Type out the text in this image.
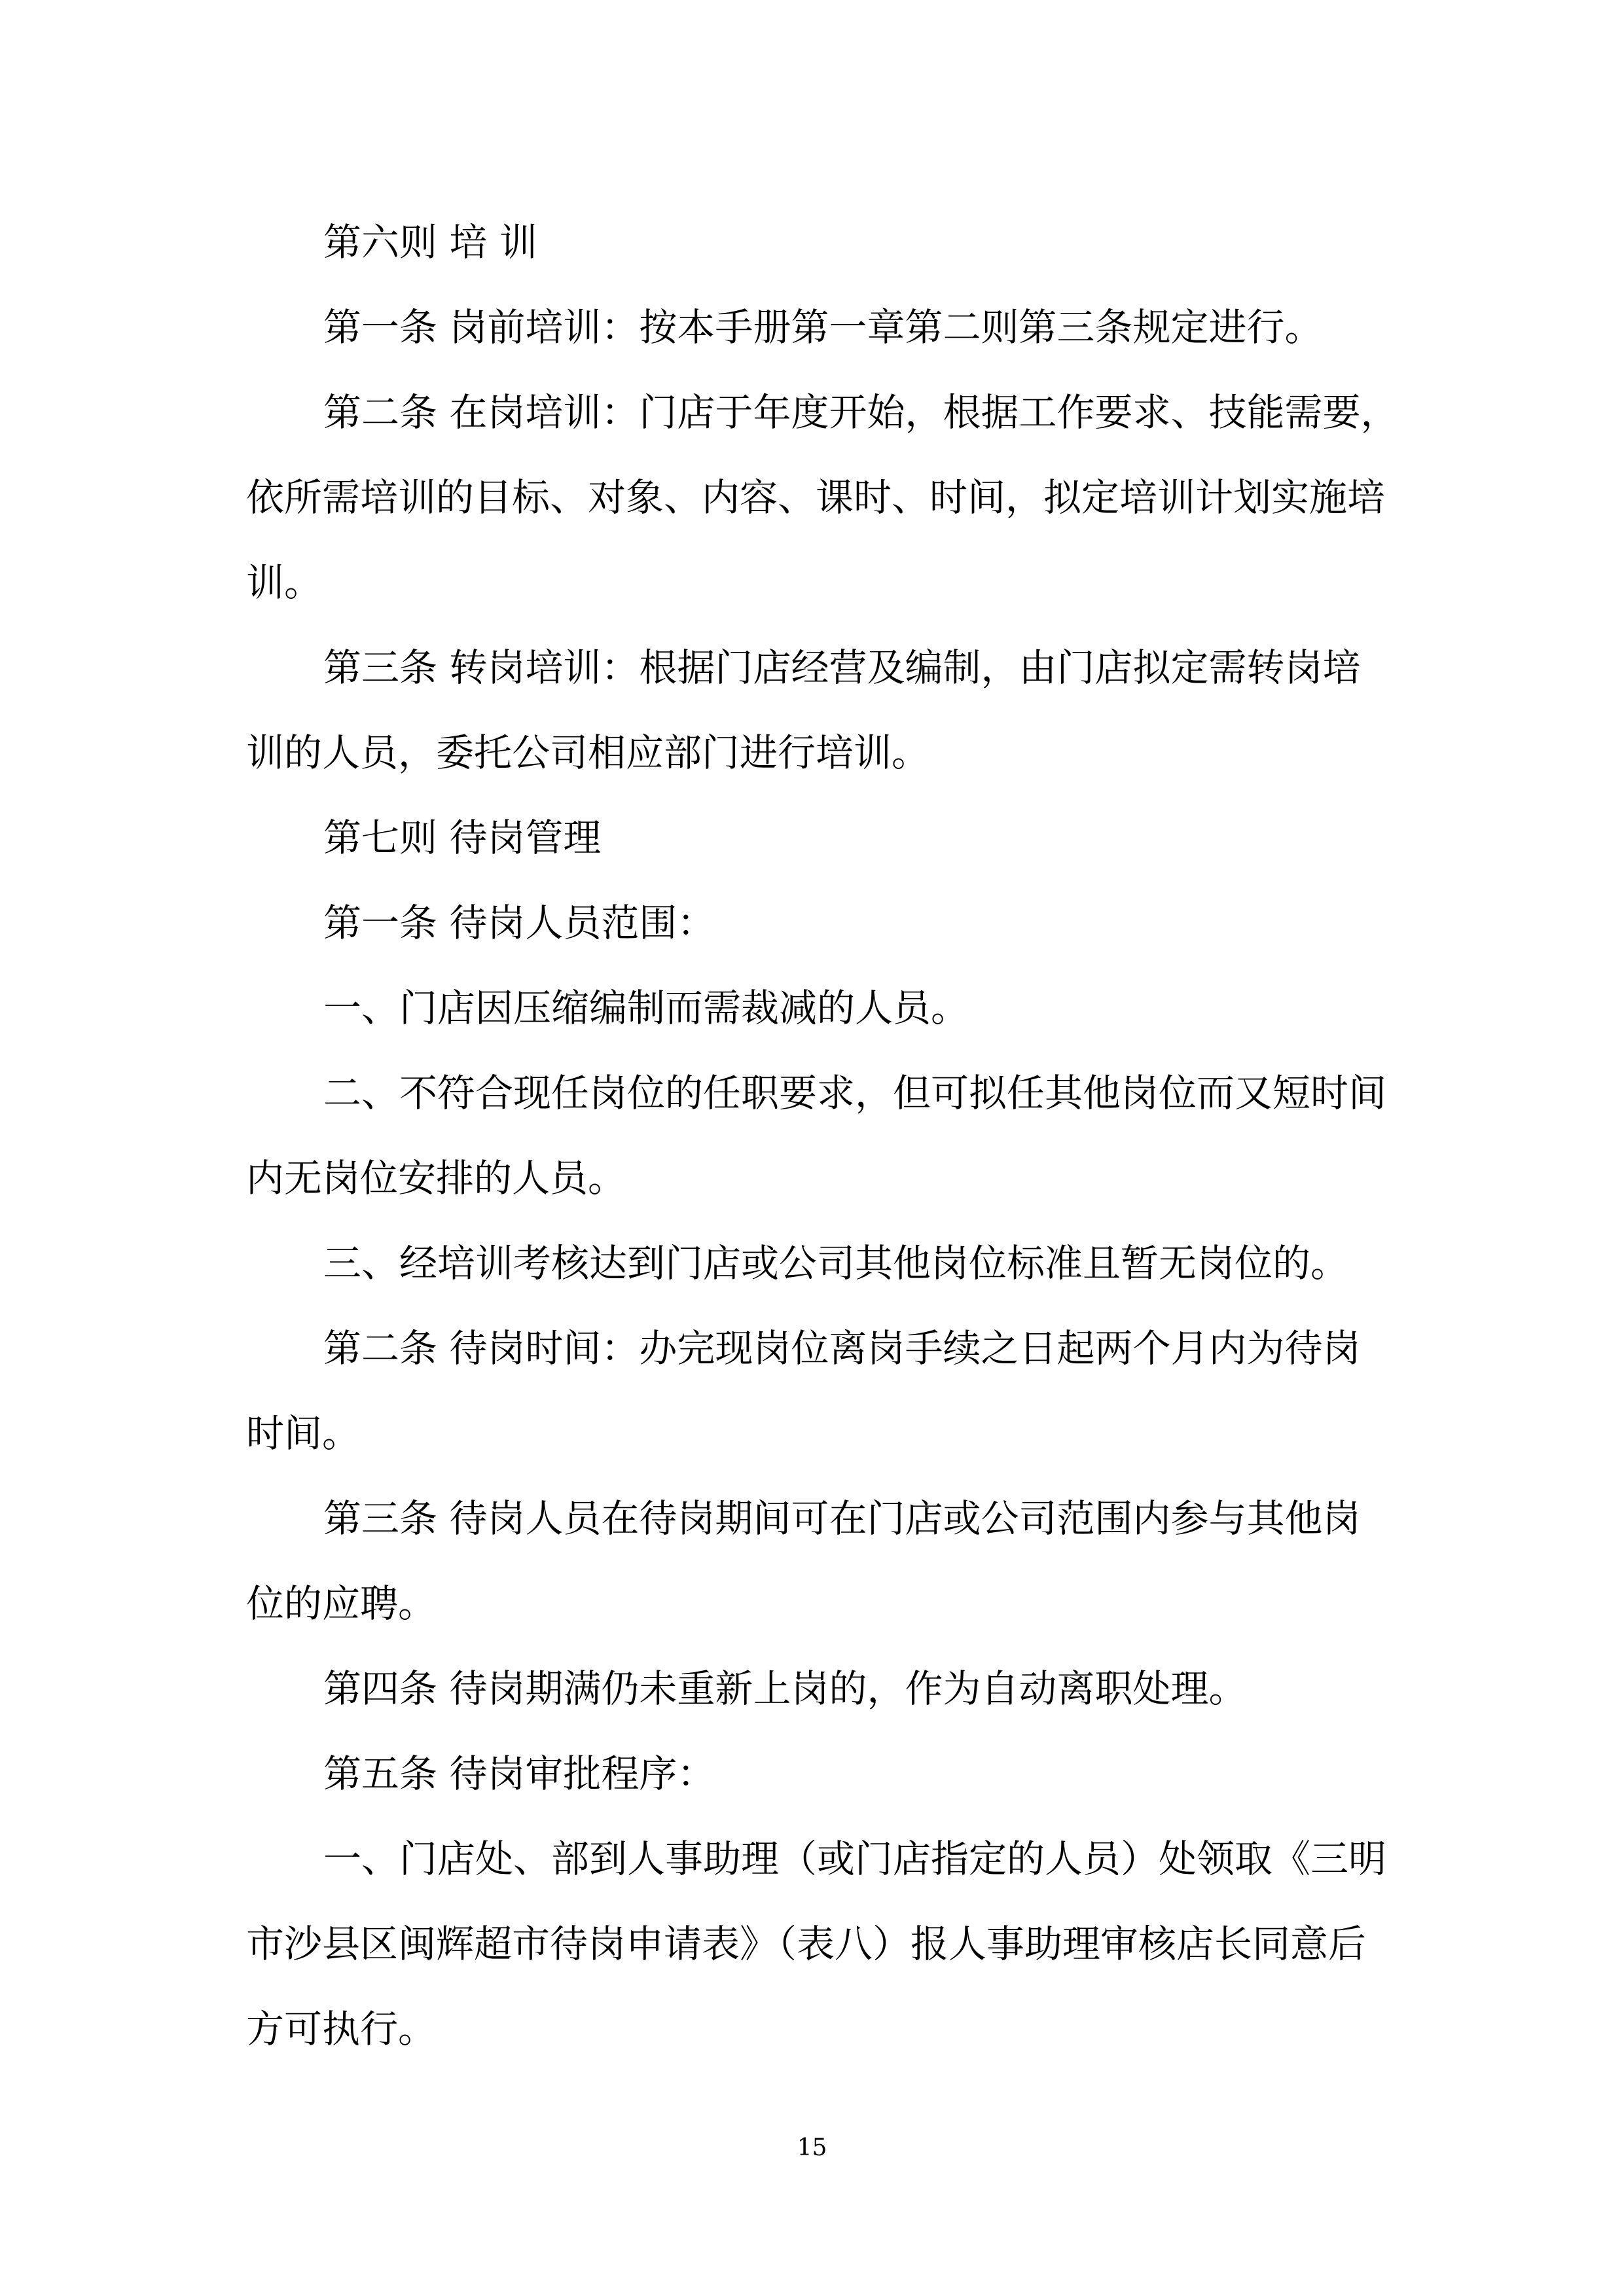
第六则 培 训
第一条 岗前培训：按本手册第一章第二则第三条规定进行。
第二条 在岗培训：门店于年度开始，根据工作要求、技能需要，
依所需培训的目标、对象、内容、课时、时间，拟定培训计划实施培
训。
第三条 转岗培训：根据门店经营及编制，由门店拟定需转岗培
训的人员，委托公司相应部门进行培训。
第七则 待岗管理
第一条 待岗人员范围：
一、门店因压缩编制而需裁减的人员。
二、不符合现任岗位的任职要求，但可拟任其他岗位而又短时间
内无岗位安排的人员。
三、经培训考核达到门店或公司其他岗位标准且暂无岗位的。
第二条 待岗时间：办完现岗位离岗手续之日起两个月内为待岗
时间。
第三条 待岗人员在待岗期间可在门店或公司范围内参与其他岗
位的应聘。
第四条 待岗期满仍未重新上岗的，作为自动离职处理。
第五条 待岗审批程序：
一、门店处、部到人事助理（或门店指定的人员）处领取《三明
市沙县区闽辉超市待岗申请表》（表八）报人事助理审核店长同意后
方可执行。
15
